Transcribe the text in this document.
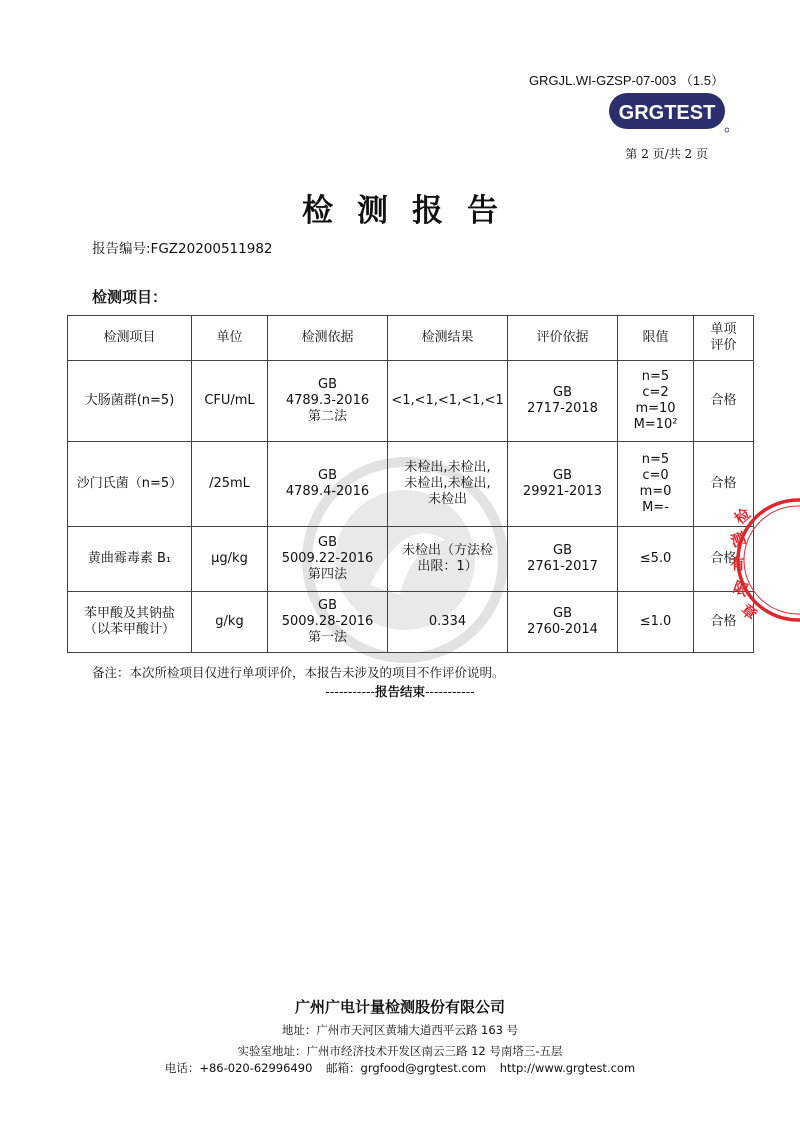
GRGJL.WI-GZSP-07-003 （1.5）
GRGTEST
第 2 页/共 2 页
检测报告
报告编号:FGZ20200511982
检测项目：
检测项目	单位	检测依据	检测结果	评价依据	限值	单项
评价

大肠菌群(n=5)	CFU/mL	GB
4789.3-2016
第二法	<1,<1,<1,<1,<1	GB
2717-2018	n=5
c=2
m=10
M=10²	合格

沙门氏菌（n=5）	/25mL	GB
4789.4-2016	未检出,未检出,
未检出,未检出,
未检出	GB
29921-2013	n=5
c=0
m=0
M=-	合格

黄曲霉毒素 B₁	μg/kg	GB
5009.22-2016
第四法	未检出（方法检
出限：1）	GB
2761-2017	≤5.0	合格

苯甲酸及其钠盐
（以苯甲酸计）	g/kg	GB
5009.28-2016
第一法	0.334	GB
2760-2014	≤1.0	合格
检
测
有
限
章
备注：本次所检项目仅进行单项评价，本报告未涉及的项目不作评价说明。
-----------报告结束-----------
广州广电计量检测股份有限公司
地址：广州市天河区黄埔大道西平云路 163 号
实验室地址：广州市经济技术开发区南云三路 12 号南塔三-五层
电话：+86-020-62996490 邮箱：grgfood@grgtest.com http://www.grgtest.com
